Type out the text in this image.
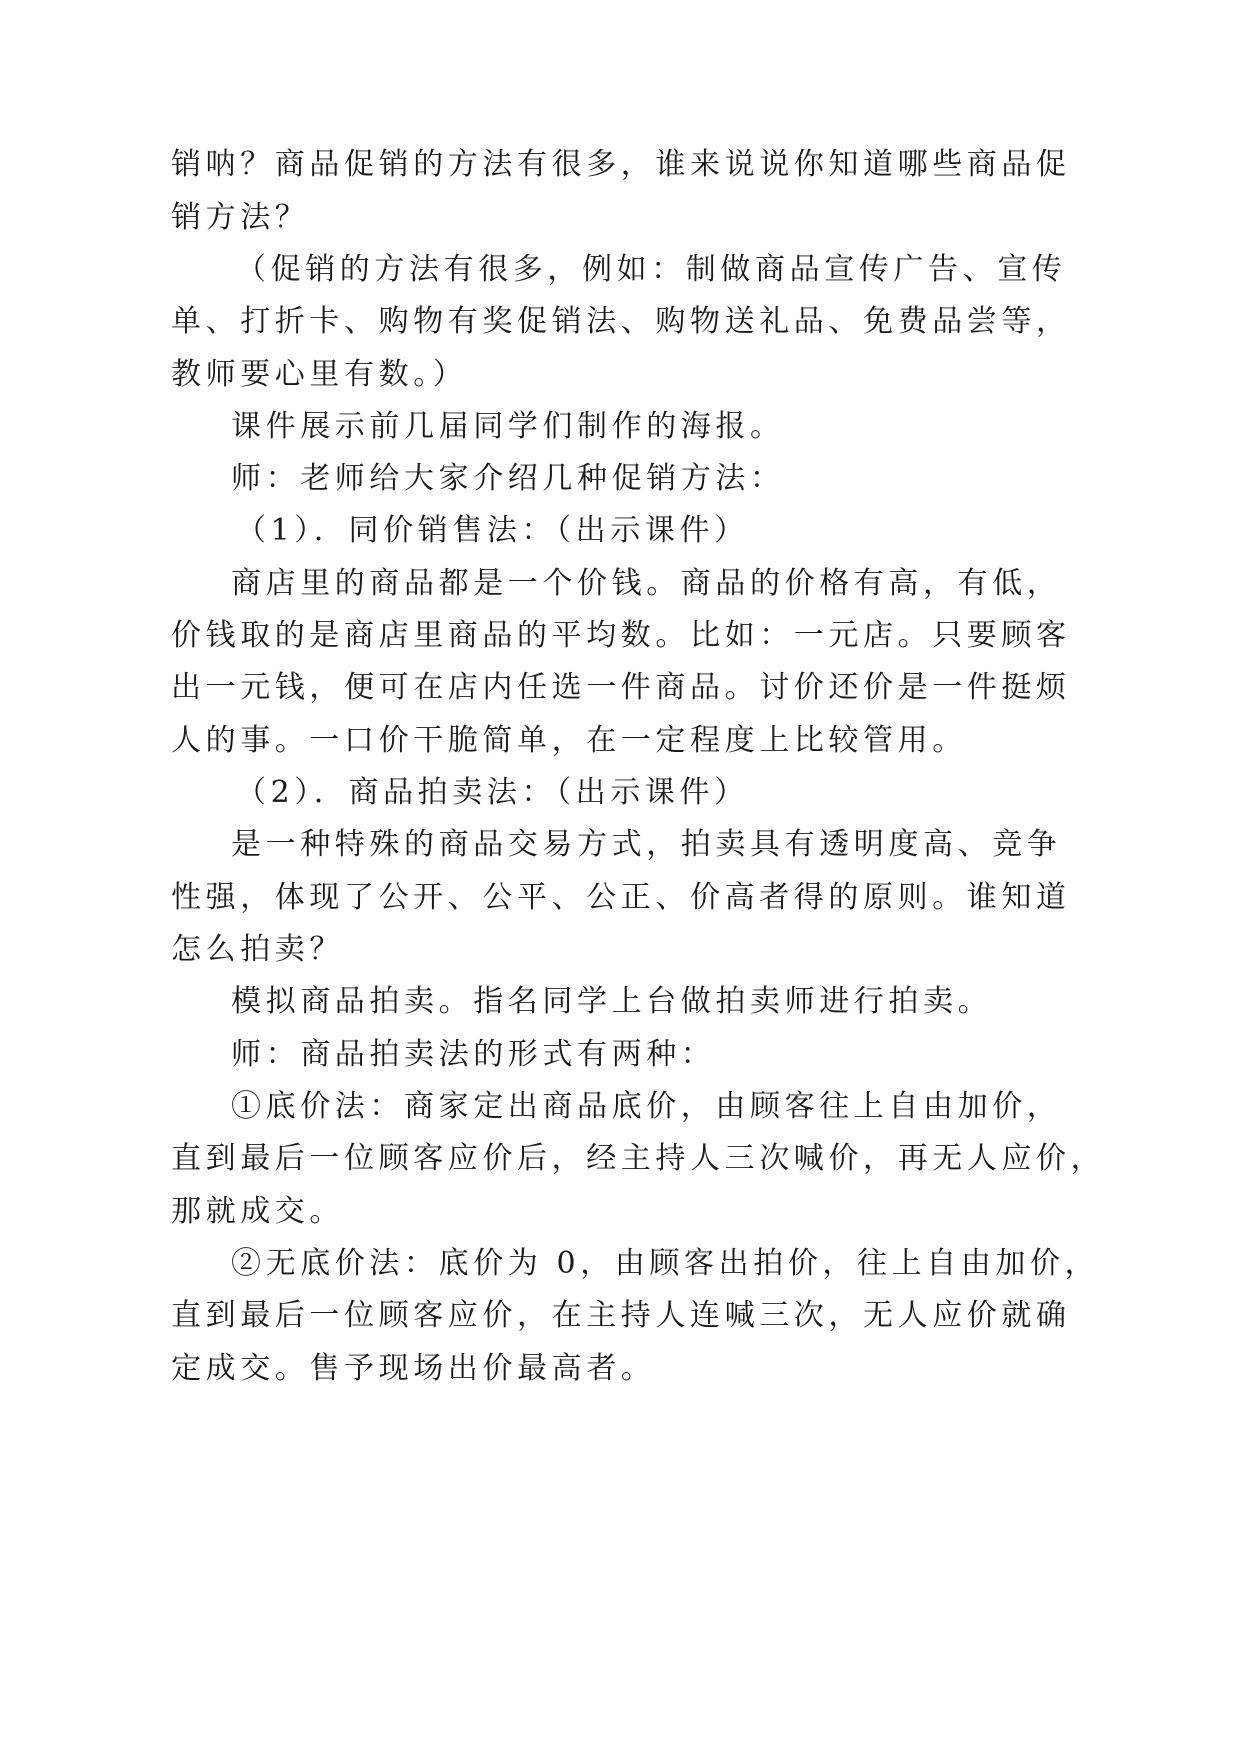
销呐？商品促销的方法有很多，谁来说说你知道哪些商品促
销方法？
（促销的方法有很多，例如：制做商品宣传广告、宣传
单、打折卡、购物有奖促销法、购物送礼品、免费品尝等，
教师要心里有数。）
课件展示前几届同学们制作的海报。
师：老师给大家介绍几种促销方法：
（1）．同价销售法：（出示课件）
商店里的商品都是一个价钱。商品的价格有高，有低，
价钱取的是商店里商品的平均数。比如：一元店。只要顾客
出一元钱，便可在店内任选一件商品。讨价还价是一件挺烦
人的事。一口价干脆简单，在一定程度上比较管用。
（2）．商品拍卖法：（出示课件）
是一种特殊的商品交易方式，拍卖具有透明度高、竞争
性强，体现了公开、公平、公正、价高者得的原则。谁知道
怎么拍卖？
模拟商品拍卖。指名同学上台做拍卖师进行拍卖。
师：商品拍卖法的形式有两种：
①底价法：商家定出商品底价，由顾客往上自由加价，
直到最后一位顾客应价后，经主持人三次喊价，再无人应价，
那就成交。
②无底价法：底价为 0，由顾客出拍价，往上自由加价，
直到最后一位顾客应价，在主持人连喊三次，无人应价就确
定成交。售予现场出价最高者。
